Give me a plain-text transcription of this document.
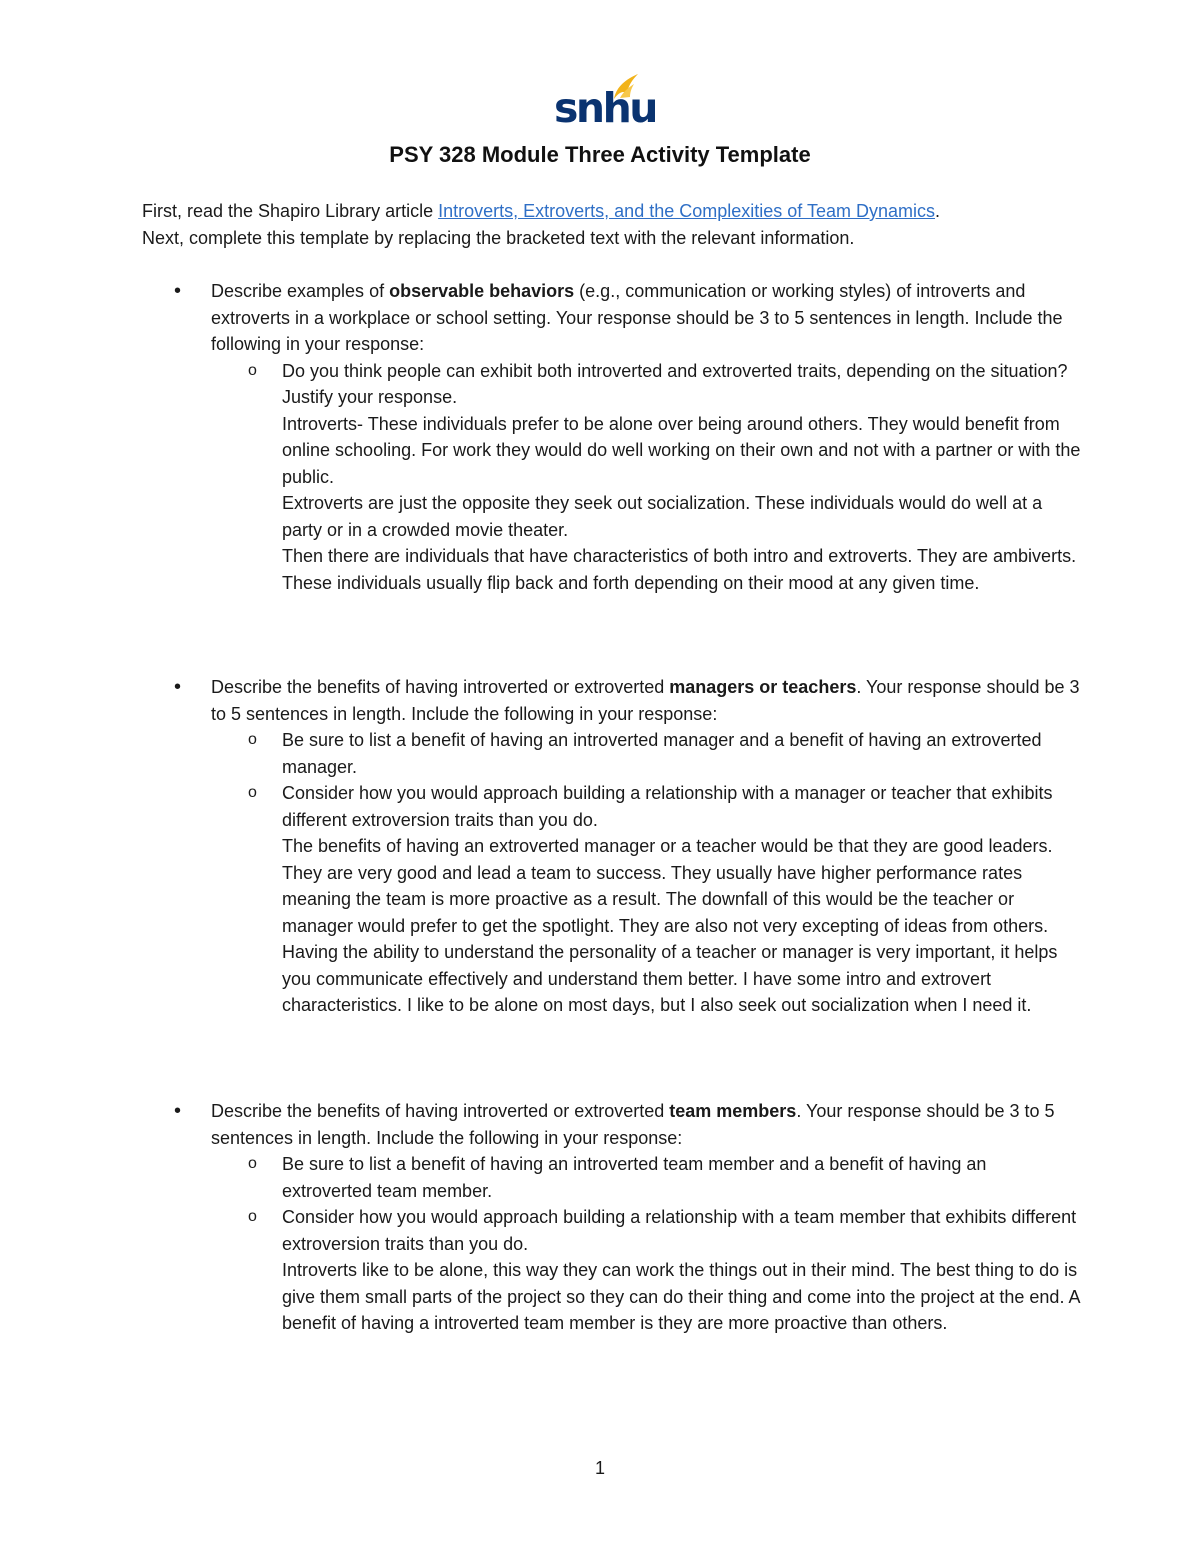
snhu
PSY 328 Module Three Activity Template
First, read the Shapiro Library article Introverts, Extroverts, and the Complexities of Team Dynamics.
Next, complete this template by replacing the bracketed text with the relevant information.
•
Describe examples of observable behaviors (e.g., communication or working styles) of introverts and extroverts in a workplace or school setting. Your response should be 3 to 5 sentences in length. Include the following in your response:
o Do you think people can exhibit both introverted and extroverted traits, depending on the situation? Justify your response.
Introverts- These individuals prefer to be alone over being around others. They would benefit from online schooling. For work they would do well working on their own and not with a partner or with the public.
Extroverts are just the opposite they seek out socialization. These individuals would do well at a party or in a crowded movie theater.
Then there are individuals that have characteristics of both intro and extroverts. They are ambiverts. These individuals usually flip back and forth depending on their mood at any given time.
•
Describe the benefits of having introverted or extroverted managers or teachers. Your response should be 3 to 5 sentences in length. Include the following in your response:
o Be sure to list a benefit of having an introverted manager and a benefit of having an extroverted manager.
o Consider how you would approach building a relationship with a manager or teacher that exhibits different extroversion traits than you do.
The benefits of having an extroverted manager or a teacher would be that they are good leaders. They are very good and lead a team to success. They usually have higher performance rates meaning the team is more proactive as a result. The downfall of this would be the teacher or manager would prefer to get the spotlight. They are also not very excepting of ideas from others.
Having the ability to understand the personality of a teacher or manager is very important, it helps you communicate effectively and understand them better. I have some intro and extrovert characteristics. I like to be alone on most days, but I also seek out socialization when I need it.
•
Describe the benefits of having introverted or extroverted team members. Your response should be 3 to 5 sentences in length. Include the following in your response:
o Be sure to list a benefit of having an introverted team member and a benefit of having an extroverted team member.
o Consider how you would approach building a relationship with a team member that exhibits different extroversion traits than you do.
Introverts like to be alone, this way they can work the things out in their mind. The best thing to do is give them small parts of the project so they can do their thing and come into the project at the end. A benefit of having a introverted team member is they are more proactive than others.
1
